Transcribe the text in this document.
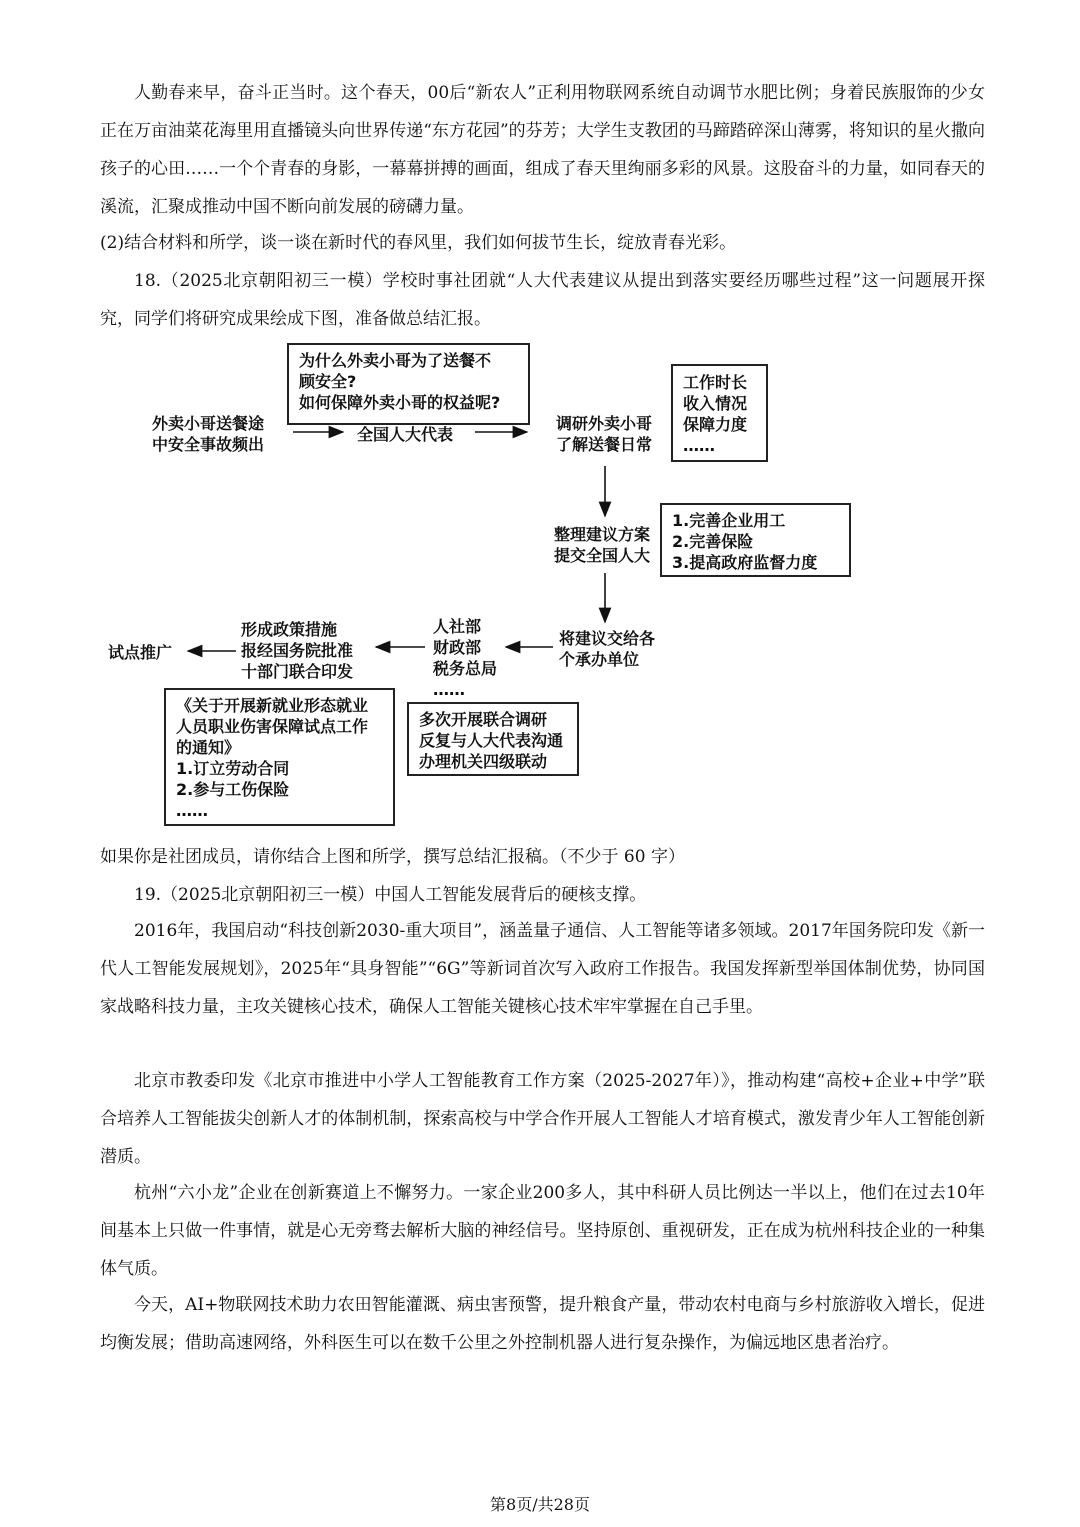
人勤春来早，奋斗正当时。这个春天，00后“新农人”正利用物联网系统自动调节水肥比例；身着民族服饰的少女正在万亩油菜花海里用直播镜头向世界传递“东方花园”的芬芳；大学生支教团的马蹄踏碎深山薄雾，将知识的星火撒向孩子的心田……一个个青春的身影，一幕幕拼搏的画面，组成了春天里绚丽多彩的风景。这股奋斗的力量，如同春天的溪流，汇聚成推动中国不断向前发展的磅礴力量。

(2)结合材料和所学，谈一谈在新时代的春风里，我们如何拔节生长，绽放青春光彩。

18.（2025北京朝阳初三一模）学校时事社团就“人大代表建议从提出到落实要经历哪些过程”这一问题展开探究，同学们将研究成果绘成下图，准备做总结汇报。

为什么外卖小哥为了送餐不
顾安全?
如何保障外卖小哥的权益呢?
外卖小哥送餐途
中安全事故频出
全国人大代表
调研外卖小哥
了解送餐日常
工作时长
收入情况
保障力度
……
整理建议方案
提交全国人大
1.完善企业用工
2.完善保险
3.提高政府监督力度
将建议交给各
个承办单位
人社部
财政部
税务总局
……
形成政策措施
报经国务院批准
十部门联合印发
试点推广
《关于开展新就业形态就业
人员职业伤害保障试点工作
的通知》
1.订立劳动合同
2.参与工伤保险
……
多次开展联合调研
反复与人大代表沟通
办理机关四级联动

如果你是社团成员，请你结合上图和所学，撰写总结汇报稿。（不少于 60 字）

19.（2025北京朝阳初三一模）中国人工智能发展背后的硬核支撑。

2016年，我国启动“科技创新2030-重大项目”，涵盖量子通信、人工智能等诸多领域。2017年国务院印发《新一代人工智能发展规划》，2025年“具身智能”“6G”等新词首次写入政府工作报告。我国发挥新型举国体制优势，协同国家战略科技力量，主攻关键核心技术，确保人工智能关键核心技术牢牢掌握在自己手里。

北京市教委印发《北京市推进中小学人工智能教育工作方案（2025-2027年）》，推动构建“高校+企业+中学”联合培养人工智能拔尖创新人才的体制机制，探索高校与中学合作开展人工智能人才培育模式，激发青少年人工智能创新潜质。

杭州“六小龙”企业在创新赛道上不懈努力。一家企业200多人，其中科研人员比例达一半以上，他们在过去10年间基本上只做一件事情，就是心无旁骛去解析大脑的神经信号。坚持原创、重视研发，正在成为杭州科技企业的一种集体气质。

今天，AI+物联网技术助力农田智能灌溉、病虫害预警，提升粮食产量，带动农村电商与乡村旅游收入增长，促进均衡发展；借助高速网络，外科医生可以在数千公里之外控制机器人进行复杂操作，为偏远地区患者治疗。

第8页/共28页
